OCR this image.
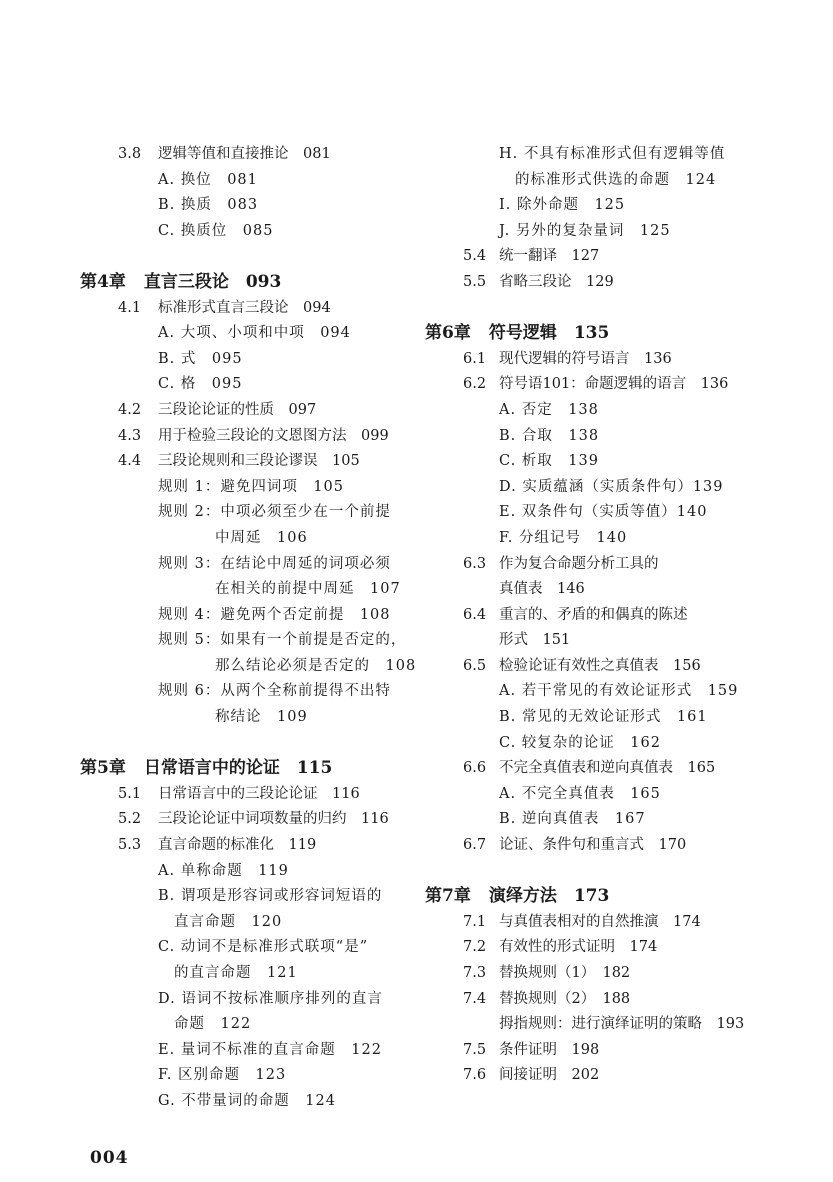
3.8	逻辑等值和直接推论　081
A. 换位　081
B. 换质　083
C. 换质位　085
第4章 直言三段论　093
4.1	标准形式直言三段论　094
A. 大项、小项和中项　094
B. 式　095
C. 格　095
4.2	三段论论证的性质　097
4.3	用于检验三段论的文恩图方法　099
4.4	三段论规则和三段论谬误　105
规则 1：避免四词项　105
规则 2：中项必须至少在一个前提
中周延　106
规则 3：在结论中周延的词项必须
在相关的前提中周延　107
规则 4：避免两个否定前提　108
规则 5：如果有一个前提是否定的，
那么结论必须是否定的　108
规则 6：从两个全称前提得不出特
称结论　109
第5章 日常语言中的论证　115
5.1	日常语言中的三段论论证　116
5.2	三段论论证中词项数量的归约　116
5.3	直言命题的标准化　119
A. 单称命题　119
B. 谓项是形容词或形容词短语的
直言命题　120
C. 动词不是标准形式联项“是”
的直言命题　121
D. 语词不按标准顺序排列的直言
命题　122
E. 量词不标准的直言命题　122
F. 区别命题　123
G. 不带量词的命题　124
H. 不具有标准形式但有逻辑等值
的标准形式供选的命题　124
I. 除外命题　125
J. 另外的复杂量词　125
5.4 统一翻译　127
5.5 省略三段论　129
第6章 符号逻辑　135
6.1 现代逻辑的符号语言　136
6.2 符号语101：命题逻辑的语言　136
A. 否定　138
B. 合取　138
C. 析取　139
D. 实质蕴涵（实质条件句）139
E. 双条件句（实质等值）140
F. 分组记号　140
6.3 作为复合命题分析工具的
真值表　146
6.4 重言的、矛盾的和偶真的陈述
形式　151
6.5 检验论证有效性之真值表　156
A. 若干常见的有效论证形式　159
B. 常见的无效论证形式　161
C. 较复杂的论证　162
6.6 不完全真值表和逆向真值表　165
A. 不完全真值表　165
B. 逆向真值表　167
6.7 论证、条件句和重言式　170
第7章 演绎方法　173
7.1 与真值表相对的自然推演　174
7.2 有效性的形式证明　174
7.3 替换规则（1）　182
7.4 替换规则（2）　188
拇指规则：进行演绎证明的策略　193
7.5 条件证明　198
7.6 间接证明　202
004
